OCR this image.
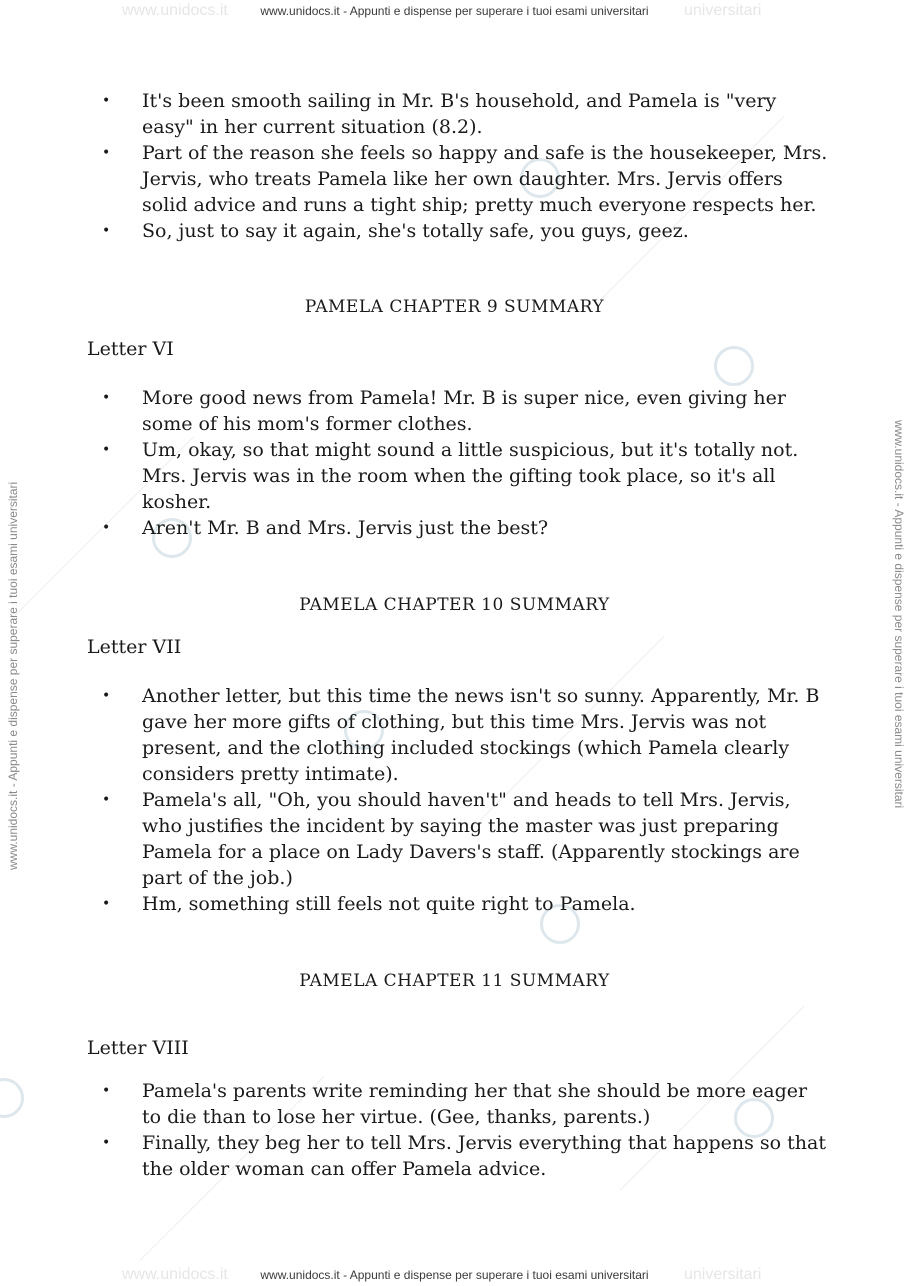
www.unidocs.it	universitari
www.unidocs.it	universitari
www.unidocs.it - Appunti e dispense per superare i tuoi esami universitari
www.unidocs.it - Appunti e dispense per superare i tuoi esami universitari
www.unidocs.it - Appunti e dispense per superare i tuoi esami universitari	www.unidocs.it - Appunti e dispense per superare i tuoi esami universitari
• It's been smooth sailing in Mr. B's household, and Pamela is "very easy" in her current situation (8.2).
• Part of the reason she feels so happy and safe is the housekeeper, Mrs. Jervis, who treats Pamela like her own daughter. Mrs. Jervis offers solid advice and runs a tight ship; pretty much everyone respects her.
• So, just to say it again, she's totally safe, you guys, geez.
PAMELA CHAPTER 9 SUMMARY
Letter VI
• More good news from Pamela! Mr. B is super nice, even giving her some of his mom's former clothes.
• Um, okay, so that might sound a little suspicious, but it's totally not. Mrs. Jervis was in the room when the gifting took place, so it's all kosher.
• Aren't Mr. B and Mrs. Jervis just the best?
PAMELA CHAPTER 10 SUMMARY
Letter VII
• Another letter, but this time the news isn't so sunny. Apparently, Mr. B gave her more gifts of clothing, but this time Mrs. Jervis was not present, and the clothing included stockings (which Pamela clearly considers pretty intimate).
• Pamela's all, "Oh, you should haven't" and heads to tell Mrs. Jervis, who justifies the incident by saying the master was just preparing Pamela for a place on Lady Davers's staff. (Apparently stockings are part of the job.)
• Hm, something still feels not quite right to Pamela.
PAMELA CHAPTER 11 SUMMARY
Letter VIII
• Pamela's parents write reminding her that she should be more eager to die than to lose her virtue. (Gee, thanks, parents.)
• Finally, they beg her to tell Mrs. Jervis everything that happens so that the older woman can offer Pamela advice.
